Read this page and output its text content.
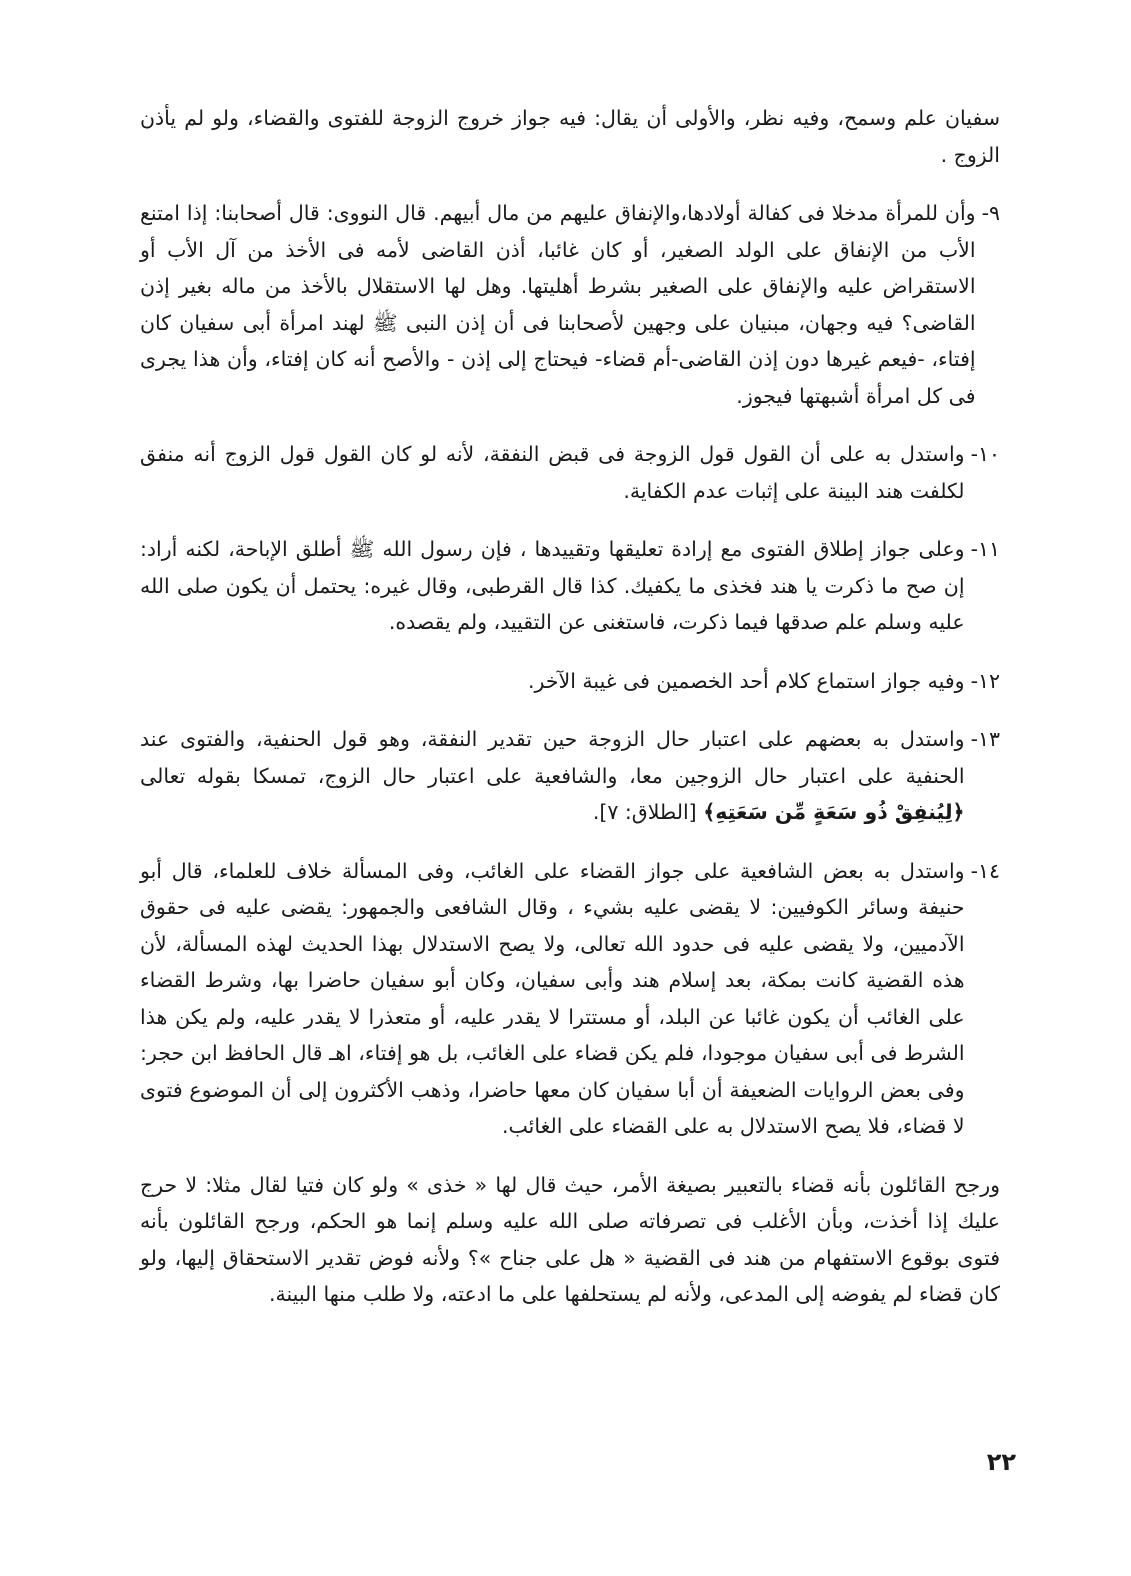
سفيان علم وسمح، وفيه نظر، والأولى أن يقال: فيه جواز خروج الزوجة للفتوى والقضاء، ولو لم يأذن الزوج .

٩-
وأن للمرأة مدخلا فى كفالة أولادها،والإنفاق عليهم من مال أبيهم. قال النووى: قال أصحابنا: إذا امتنع الأب من الإنفاق على الولد الصغير، أو كان غائبا، أذن القاضى لأمه فى الأخذ من آل الأب أو الاستقراض عليه والإنفاق على الصغير بشرط أهليتها. وهل لها الاستقلال بالأخذ من ماله بغير إذن القاضى؟ فيه وجهان، مبنيان على وجهين لأصحابنا فى أن إذن النبى ﷺ لهند امرأة أبى سفيان كان إفتاء، -فيعم غيرها دون إذن القاضى-أم قضاء- فيحتاج إلى إذن - والأصح أنه كان إفتاء، وأن هذا يجرى فى كل امرأة أشبهتها فيجوز.
١٠-
واستدل به على أن القول قول الزوجة فى قبض النفقة، لأنه لو كان القول قول الزوج أنه منفق لكلفت هند البينة على إثبات عدم الكفاية.
١١-
وعلى جواز إطلاق الفتوى مع إرادة تعليقها وتقييدها ، فإن رسول الله ﷺ أطلق الإباحة، لكنه أراد: إن صح ما ذكرت يا هند فخذى ما يكفيك. كذا قال القرطبى، وقال غيره: يحتمل أن يكون صلى الله عليه وسلم علم صدقها فيما ذكرت، فاستغنى عن التقييد، ولم يقصده.
١٢-
وفيه جواز استماع كلام أحد الخصمين فى غيبة الآخر.
١٣-
واستدل به بعضهم على اعتبار حال الزوجة حين تقدير النفقة، وهو قول الحنفية، والفتوى عند الحنفية على اعتبار حال الزوجين معا، والشافعية على اعتبار حال الزوج، تمسكا بقوله تعالى ﴿لِيُنفِقْ ذُو سَعَةٍ مِّن سَعَتِهِ﴾ [الطلاق: ٧].
١٤-
واستدل به بعض الشافعية على جواز القضاء على الغائب، وفى المسألة خلاف للعلماء، قال أبو حنيفة وسائر الكوفيين: لا يقضى عليه بشيء ، وقال الشافعى والجمهور: يقضى عليه فى حقوق الآدميين، ولا يقضى عليه فى حدود الله تعالى، ولا يصح الاستدلال بهذا الحديث لهذه المسألة، لأن هذه القضية كانت بمكة، بعد إسلام هند وأبى سفيان، وكان أبو سفيان حاضرا بها، وشرط القضاء على الغائب أن يكون غائبا عن البلد، أو مستترا لا يقدر عليه، أو متعذرا لا يقدر عليه، ولم يكن هذا الشرط فى أبى سفيان موجودا، فلم يكن قضاء على الغائب، بل هو إفتاء، اهـ قال الحافظ ابن حجر: وفى بعض الروايات الضعيفة أن أبا سفيان كان معها حاضرا، وذهب الأكثرون إلى أن الموضوع فتوى لا قضاء، فلا يصح الاستدلال به على القضاء على الغائب.

ورجح القائلون بأنه قضاء بالتعبير بصيغة الأمر، حيث قال لها « خذى » ولو كان فتيا لقال مثلا: لا حرج عليك إذا أخذت، وبأن الأغلب فى تصرفاته صلى الله عليه وسلم إنما هو الحكم، ورجح القائلون بأنه فتوى بوقوع الاستفهام من هند فى القضية « هل على جناح »؟ ولأنه فوض تقدير الاستحقاق إليها، ولو كان قضاء لم يفوضه إلى المدعى، ولأنه لم يستحلفها على ما ادعته، ولا طلب منها البينة.

٢٢
